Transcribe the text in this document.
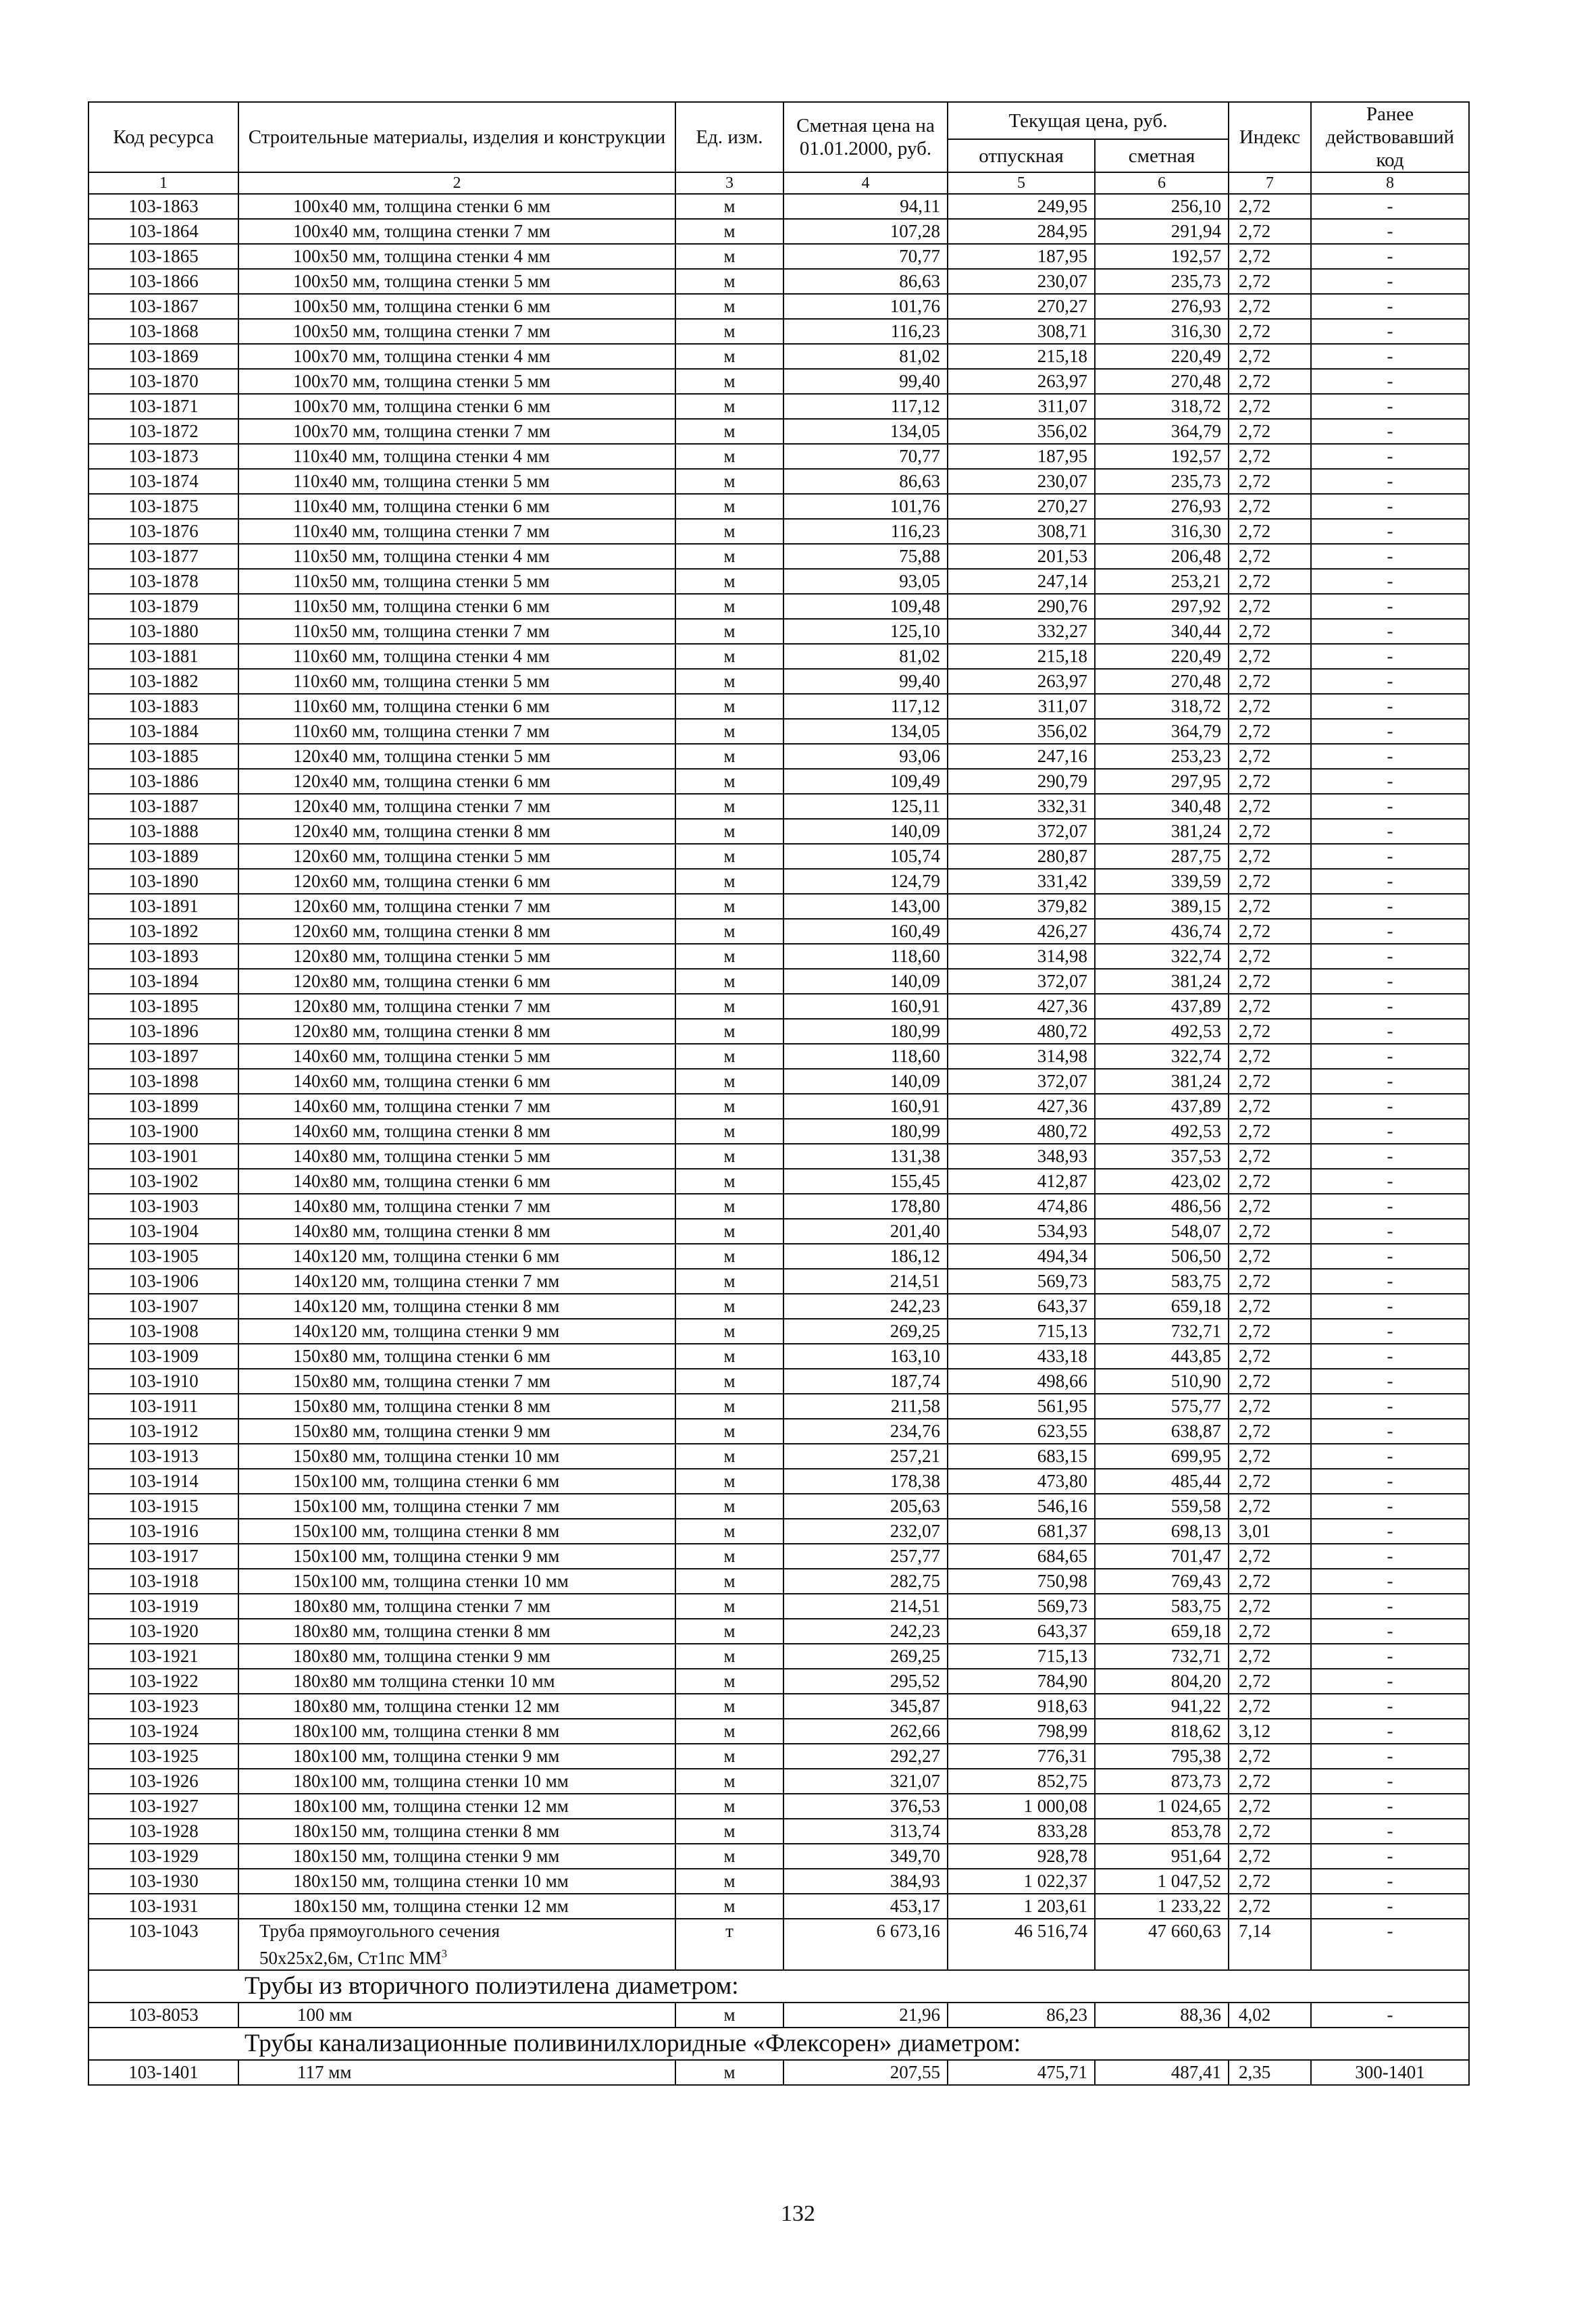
Код ресурса	Строительные материалы, изделия и конструкции	Ед. изм.	Сметная цена на 01.01.2000, руб.	Текущая цена, руб.		Индекс	Ранее действовавший код
				отпускная	сметная		
1	2	3	4	5	6	7	8
103-1863	100х40 мм, толщина стенки 6 мм	м	94,11	249,95	256,10	2,72	-
103-1864	100х40 мм, толщина стенки 7 мм	м	107,28	284,95	291,94	2,72	-
103-1865	100х50 мм, толщина стенки 4 мм	м	70,77	187,95	192,57	2,72	-
103-1866	100х50 мм, толщина стенки 5 мм	м	86,63	230,07	235,73	2,72	-
103-1867	100х50 мм, толщина стенки 6 мм	м	101,76	270,27	276,93	2,72	-
103-1868	100х50 мм, толщина стенки 7 мм	м	116,23	308,71	316,30	2,72	-
103-1869	100х70 мм, толщина стенки 4 мм	м	81,02	215,18	220,49	2,72	-
103-1870	100х70 мм, толщина стенки 5 мм	м	99,40	263,97	270,48	2,72	-
103-1871	100х70 мм, толщина стенки 6 мм	м	117,12	311,07	318,72	2,72	-
103-1872	100х70 мм, толщина стенки 7 мм	м	134,05	356,02	364,79	2,72	-
103-1873	110х40 мм, толщина стенки 4 мм	м	70,77	187,95	192,57	2,72	-
103-1874	110х40 мм, толщина стенки 5 мм	м	86,63	230,07	235,73	2,72	-
103-1875	110х40 мм, толщина стенки 6 мм	м	101,76	270,27	276,93	2,72	-
103-1876	110х40 мм, толщина стенки 7 мм	м	116,23	308,71	316,30	2,72	-
103-1877	110х50 мм, толщина стенки 4 мм	м	75,88	201,53	206,48	2,72	-
103-1878	110х50 мм, толщина стенки 5 мм	м	93,05	247,14	253,21	2,72	-
103-1879	110х50 мм, толщина стенки 6 мм	м	109,48	290,76	297,92	2,72	-
103-1880	110х50 мм, толщина стенки 7 мм	м	125,10	332,27	340,44	2,72	-
103-1881	110х60 мм, толщина стенки 4 мм	м	81,02	215,18	220,49	2,72	-
103-1882	110х60 мм, толщина стенки 5 мм	м	99,40	263,97	270,48	2,72	-
103-1883	110х60 мм, толщина стенки 6 мм	м	117,12	311,07	318,72	2,72	-
103-1884	110х60 мм, толщина стенки 7 мм	м	134,05	356,02	364,79	2,72	-
103-1885	120х40 мм, толщина стенки 5 мм	м	93,06	247,16	253,23	2,72	-
103-1886	120х40 мм, толщина стенки 6 мм	м	109,49	290,79	297,95	2,72	-
103-1887	120х40 мм, толщина стенки 7 мм	м	125,11	332,31	340,48	2,72	-
103-1888	120х40 мм, толщина стенки 8 мм	м	140,09	372,07	381,24	2,72	-
103-1889	120х60 мм, толщина стенки 5 мм	м	105,74	280,87	287,75	2,72	-
103-1890	120х60 мм, толщина стенки 6 мм	м	124,79	331,42	339,59	2,72	-
103-1891	120х60 мм, толщина стенки 7 мм	м	143,00	379,82	389,15	2,72	-
103-1892	120х60 мм, толщина стенки 8 мм	м	160,49	426,27	436,74	2,72	-
103-1893	120х80 мм, толщина стенки 5 мм	м	118,60	314,98	322,74	2,72	-
103-1894	120х80 мм, толщина стенки 6 мм	м	140,09	372,07	381,24	2,72	-
103-1895	120х80 мм, толщина стенки 7 мм	м	160,91	427,36	437,89	2,72	-
103-1896	120х80 мм, толщина стенки 8 мм	м	180,99	480,72	492,53	2,72	-
103-1897	140х60 мм, толщина стенки 5 мм	м	118,60	314,98	322,74	2,72	-
103-1898	140х60 мм, толщина стенки 6 мм	м	140,09	372,07	381,24	2,72	-
103-1899	140х60 мм, толщина стенки 7 мм	м	160,91	427,36	437,89	2,72	-
103-1900	140х60 мм, толщина стенки 8 мм	м	180,99	480,72	492,53	2,72	-
103-1901	140х80 мм, толщина стенки 5 мм	м	131,38	348,93	357,53	2,72	-
103-1902	140х80 мм, толщина стенки 6 мм	м	155,45	412,87	423,02	2,72	-
103-1903	140х80 мм, толщина стенки 7 мм	м	178,80	474,86	486,56	2,72	-
103-1904	140х80 мм, толщина стенки 8 мм	м	201,40	534,93	548,07	2,72	-
103-1905	140х120 мм, толщина стенки 6 мм	м	186,12	494,34	506,50	2,72	-
103-1906	140х120 мм, толщина стенки 7 мм	м	214,51	569,73	583,75	2,72	-
103-1907	140х120 мм, толщина стенки 8 мм	м	242,23	643,37	659,18	2,72	-
103-1908	140х120 мм, толщина стенки 9 мм	м	269,25	715,13	732,71	2,72	-
103-1909	150х80 мм, толщина стенки 6 мм	м	163,10	433,18	443,85	2,72	-
103-1910	150х80 мм, толщина стенки 7 мм	м	187,74	498,66	510,90	2,72	-
103-1911	150х80 мм, толщина стенки 8 мм	м	211,58	561,95	575,77	2,72	-
103-1912	150х80 мм, толщина стенки 9 мм	м	234,76	623,55	638,87	2,72	-
103-1913	150х80 мм, толщина стенки 10 мм	м	257,21	683,15	699,95	2,72	-
103-1914	150х100 мм, толщина стенки 6 мм	м	178,38	473,80	485,44	2,72	-
103-1915	150х100 мм, толщина стенки 7 мм	м	205,63	546,16	559,58	2,72	-
103-1916	150х100 мм, толщина стенки 8 мм	м	232,07	681,37	698,13	3,01	-
103-1917	150х100 мм, толщина стенки 9 мм	м	257,77	684,65	701,47	2,72	-
103-1918	150х100 мм, толщина стенки 10 мм	м	282,75	750,98	769,43	2,72	-
103-1919	180х80 мм, толщина стенки 7 мм	м	214,51	569,73	583,75	2,72	-
103-1920	180х80 мм, толщина стенки 8 мм	м	242,23	643,37	659,18	2,72	-
103-1921	180х80 мм, толщина стенки 9 мм	м	269,25	715,13	732,71	2,72	-
103-1922	180х80 мм толщина стенки 10 мм	м	295,52	784,90	804,20	2,72	-
103-1923	180х80 мм, толщина стенки 12 мм	м	345,87	918,63	941,22	2,72	-
103-1924	180х100 мм, толщина стенки 8 мм	м	262,66	798,99	818,62	3,12	-
103-1925	180х100 мм, толщина стенки 9 мм	м	292,27	776,31	795,38	2,72	-
103-1926	180х100 мм, толщина стенки 10 мм	м	321,07	852,75	873,73	2,72	-
103-1927	180х100 мм, толщина стенки 12 мм	м	376,53	1 000,08	1 024,65	2,72	-
103-1928	180х150 мм, толщина стенки 8 мм	м	313,74	833,28	853,78	2,72	-
103-1929	180х150 мм, толщина стенки 9 мм	м	349,70	928,78	951,64	2,72	-
103-1930	180х150 мм, толщина стенки 10 мм	м	384,93	1 022,37	1 047,52	2,72	-
103-1931	180х150 мм, толщина стенки 12 мм	м	453,17	1 203,61	1 233,22	2,72	-
103-1043	Труба прямоугольного сечения
50х25х2,6м, Ст1пс $ММ^3$	т	6 673,16	46 516,74	47 660,63	7,14	-
Трубы из вторичного полиэтилена диаметром:							
103-8053	100 мм	м	21,96	86,23	88,36	4,02	-
Трубы канализационные поливинилхлоридные «Флексорен» диаметром:							
103-1401	117 мм	м	207,55	475,71	487,41	2,35	300-1401
132
